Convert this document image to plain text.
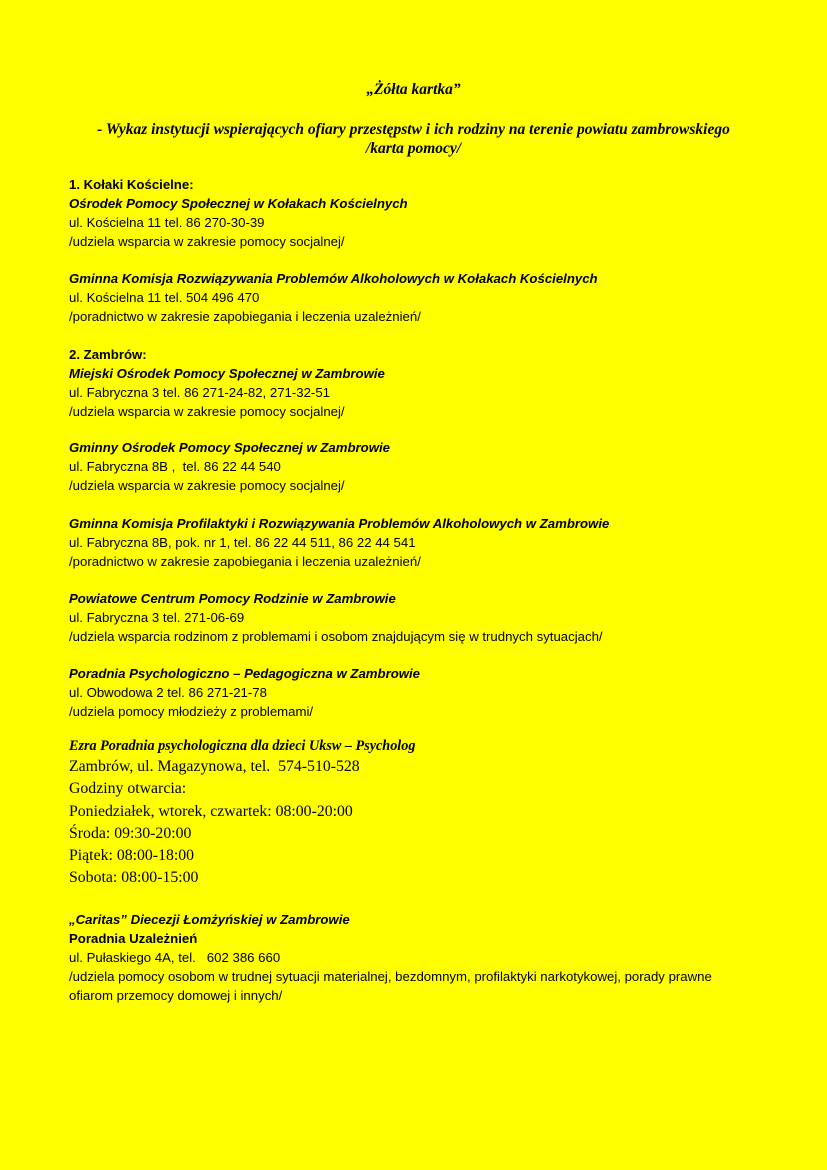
„Żółta kartka”
- Wykaz instytucji wspierających ofiary przestępstw i ich rodziny na terenie powiatu zambrowskiego
/karta pomocy/
1. Kołaki Kościelne:
Ośrodek Pomocy Społecznej w Kołakach Kościelnych
ul. Kościelna 11 tel. 86 270-30-39
/udziela wsparcia w zakresie pomocy socjalnej/
Gminna Komisja Rozwiązywania Problemów Alkoholowych w Kołakach Kościelnych
ul. Kościelna 11 tel. 504 496 470
/poradnictwo w zakresie zapobiegania i leczenia uzależnień/
2. Zambrów:
Miejski Ośrodek Pomocy Społecznej w Zambrowie
ul. Fabryczna 3 tel. 86 271-24-82, 271-32-51
/udziela wsparcia w zakresie pomocy socjalnej/
Gminny Ośrodek Pomocy Społecznej w Zambrowie
ul. Fabryczna 8B ,  tel. 86 22 44 540
/udziela wsparcia w zakresie pomocy socjalnej/
Gminna Komisja Profilaktyki i Rozwiązywania Problemów Alkoholowych w Zambrowie
ul. Fabryczna 8B, pok. nr 1, tel. 86 22 44 511, 86 22 44 541
/poradnictwo w zakresie zapobiegania i leczenia uzależnień/
Powiatowe Centrum Pomocy Rodzinie w Zambrowie
ul. Fabryczna 3 tel. 271-06-69
/udziela wsparcia rodzinom z problemami i osobom znajdującym się w trudnych sytuacjach/
Poradnia Psychologiczno – Pedagogiczna w Zambrowie
ul. Obwodowa 2 tel. 86 271-21-78
/udziela pomocy młodzieży z problemami/
Ezra Poradnia psychologiczna dla dzieci Uksw – Psycholog
Zambrów, ul. Magazynowa, tel.  574-510-528
Godziny otwarcia:
Poniedziałek, wtorek, czwartek: 08:00-20:00
Środa: 09:30-20:00
Piątek: 08:00-18:00
Sobota: 08:00-15:00
„Caritas” Diecezji Łomżyńskiej w Zambrowie
Poradnia Uzależnień
ul. Pułaskiego 4A, tel.   602 386 660
/udziela pomocy osobom w trudnej sytuacji materialnej, bezdomnym, profilaktyki narkotykowej, porady prawne ofiarom przemocy domowej i innych/
